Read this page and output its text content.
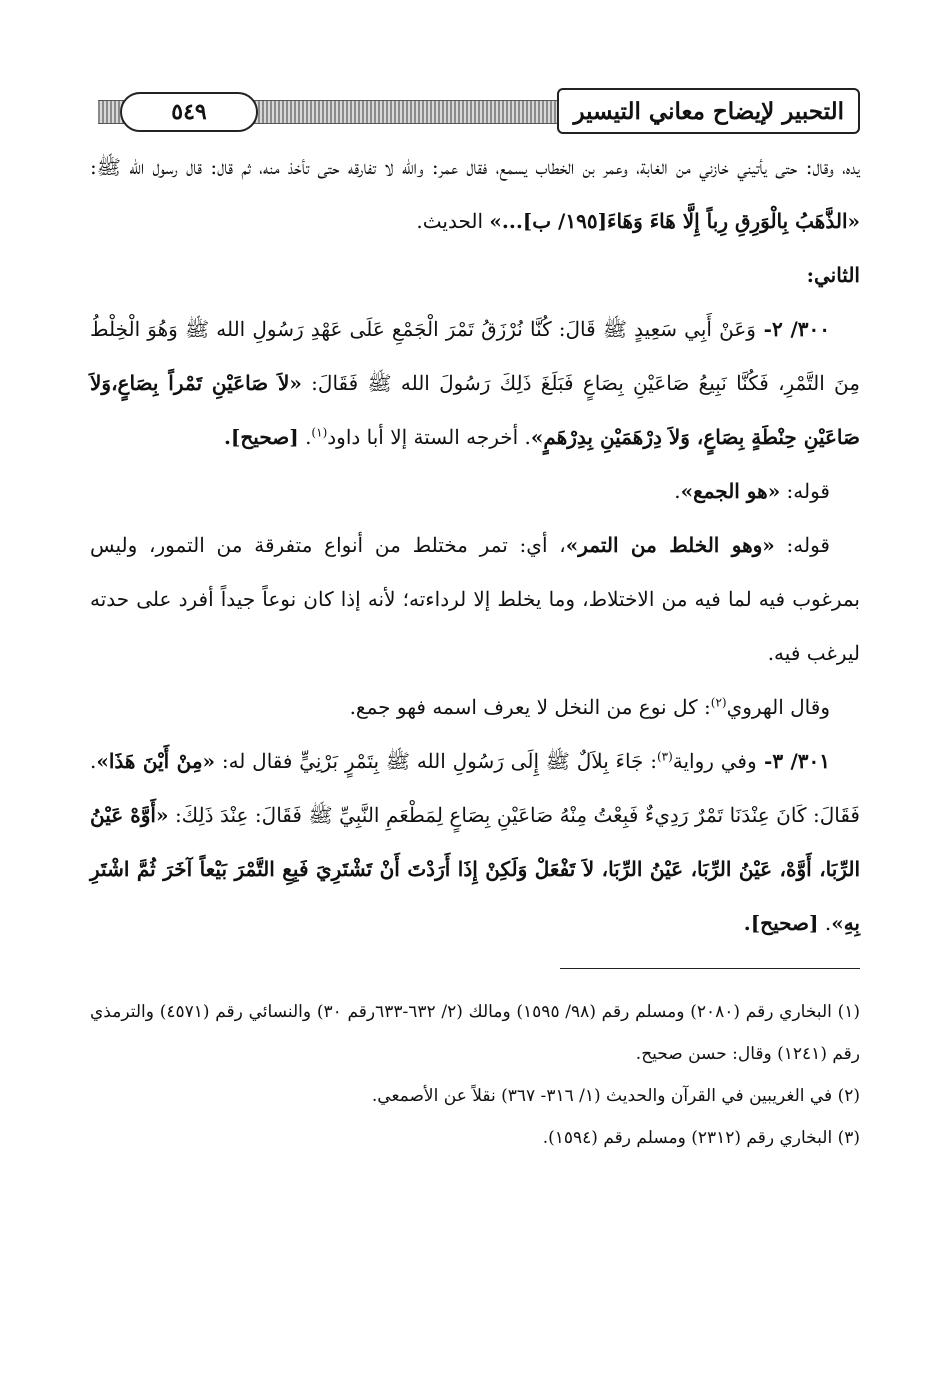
٥٤٩	التحبير لإيضاح معاني التيسير

يده، وقال: حتى يأتيني خازني من الغابة، وعمر بن الخطاب يسمع، فقال عمر: والله لا تفارقه حتى تأخذ منه، ثم قال: قال رسول الله ﷺ: «الذَّهَبُ بِالْوَرِقِ رِباً إِلَّا هَاءَ وَهَاءَ[١٩٥/ ب]...» الحديث.

الثاني:

٣٠٠/ ٢- وَعَنْ أَبِي سَعِيدٍ ﷺ قَالَ: كُنَّا نُرْزَقُ تَمْرَ الْجَمْعِ عَلَى عَهْدِ رَسُولِ الله ﷺ وَهُوَ الْخِلْطُ مِنَ التَّمْرِ، فَكُنَّا نَبِيعُ صَاعَيْنِ بِصَاعٍ فَبَلَغَ ذَلِكَ رَسُولَ الله ﷺ فَقَالَ: «لاَ صَاعَيْنِ تَمْراً بِصَاعٍ،وَلاَ صَاعَيْنِ حِنْطَةٍ بِصَاعٍ، وَلاَ دِرْهَمَيْنِ بِدِرْهَمٍ». أخرجه الستة إلا أبا داود$^{(١)}$. [صحيح].

قوله: «هو الجمع».

قوله: «وهو الخلط من التمر»، أي: تمر مختلط من أنواع متفرقة من التمور، وليس بمرغوب فيه لما فيه من الاختلاط، وما يخلط إلا لرداءته؛ لأنه إذا كان نوعاً جيداً أفرد على حدته ليرغب فيه.

وقال الهروي$^{(٢)}$: كل نوع من النخل لا يعرف اسمه فهو جمع.

٣٠١/ ٣- وفي رواية$^{(٣)}$: جَاءَ بِلاَلٌ ﷺ إِلَى رَسُولِ الله ﷺ بِتَمْرٍ بَرْنِيٍّ فقال له: «مِنْ أَيْنَ هَذَا». فَقَالَ: كَانَ عِنْدَنَا تَمْرٌ رَدِيءٌ فَبِعْتُ مِنْهُ صَاعَيْنِ بِصَاعٍ لِمَطْعَمِ النَّبِيِّ ﷺ فَقَالَ: عِنْدَ ذَلِكَ: «أَوَّهْ عَيْنُ الرِّبَا، أَوَّهْ، عَيْنُ الرِّبَا، عَيْنُ الرِّبَا، لاَ تَفْعَلْ وَلَكِنْ إِذَا أَرَدْتَ أَنْ تَشْتَرِيَ فَبِعِ التَّمْرَ بَيْعاً آخَرَ ثُمَّ اشْتَرِ بِهِ». [صحيح].

(١) البخاري رقم (٢٠٨٠) ومسلم رقم (٩٨/ ١٥٩٥) ومالك (٢/ ٦٣٢-٦٣٣رقم ٣٠) والنسائي رقم (٤٥٧١) والترمذي رقم (١٢٤١) وقال: حسن صحيح.

(٢) في الغريبين في القرآن والحديث (١/ ٣١٦- ٣٦٧) نقلاً عن الأصمعي.

(٣) البخاري رقم (٢٣١٢) ومسلم رقم (١٥٩٤).
